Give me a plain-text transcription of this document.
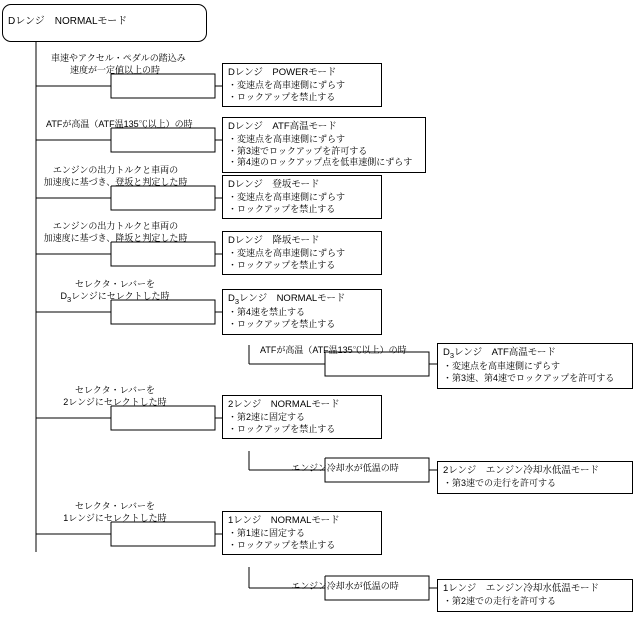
Dレンジ　NORMALモード
車速やアクセル・ペダルの踏込み
速度が一定値以上の時
ATFが高温（ATF温135℃以上）の時
エンジンの出力トルクと車両の
加速度に基づき、登坂と判定した時
エンジンの出力トルクと車両の
加速度に基づき、降坂と判定した時
セレクタ・レバーを
$D_3$レンジにセレクトした時
ATFが高温（ATF温135℃以上）の時
セレクタ・レバーを
2レンジにセレクトした時
エンジン冷却水が低温の時
セレクタ・レバーを
1レンジにセレクトした時
エンジン冷却水が低温の時
Dレンジ　POWERモード
・変速点を高車速側にずらす
・ロックアップを禁止する
Dレンジ　ATF高温モード
・変速点を高車速側にずらす
・第3速でロックアップを許可する
・第4速のロックアップ点を低車速側にずらす
Dレンジ　登坂モード
・変速点を高車速側にずらす
・ロックアップを禁止する
Dレンジ　降坂モード
・変速点を高車速側にずらす
・ロックアップを禁止する
$D_3$レンジ　NORMALモード
・第4速を禁止する
・ロックアップを禁止する
$D_3$レンジ　ATF高温モード
・変速点を高車速側にずらす
・第3速、第4速でロックアップを許可する
2レンジ　NORMALモード
・第2速に固定する
・ロックアップを禁止する
2レンジ　エンジン冷却水低温モード
・第3速での走行を許可する
1レンジ　NORMALモード
・第1速に固定する
・ロックアップを禁止する
1レンジ　エンジン冷却水低温モード
・第2速での走行を許可する
